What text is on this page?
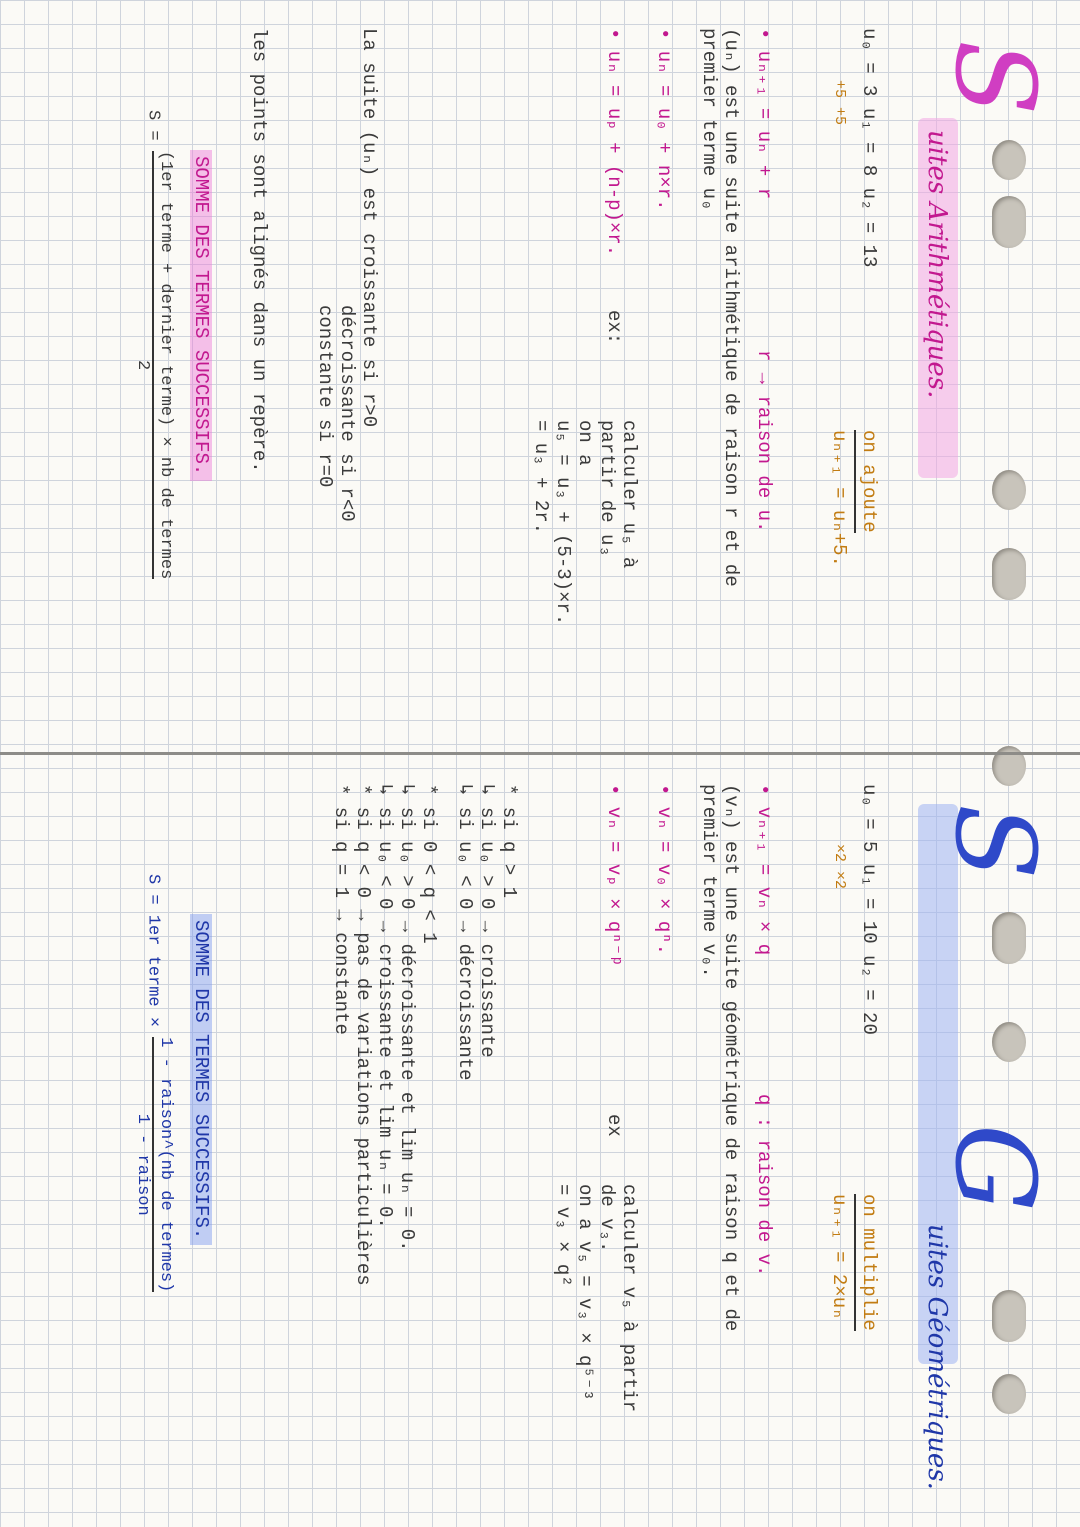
S
uites Arithmétiques.
u₀ = 3 u₁ = 8 u₂ = 13
+5 +5
on ajoute
uₙ₊₁ = uₙ+5.
• uₙ₊₁ = uₙ + r
r → raison de u.
(uₙ) est une suite arithmétique de raison r et de
premier terme u₀
• uₙ = u₀ + n×r.
• uₙ = uₚ + (n-p)×r.
ex:
calculer u₅ à
partir de u₃
on a
u₅ = u₃ + (5-3)×r.
= u₃ + 2r.
La suite (uₙ) est croissante si r>0
décroissante si r<0
constante si r=0
les points sont alignés dans un repère.
SOMME DES TERMES SUCCESSIFS.
S =
(1er terme + dernier terme) × nb de termes
2
S
G
uites Géométriques.
u₀ = 5 u₁ = 10 u₂ = 20
×2 ×2
on multiplie
uₙ₊₁ = 2×uₙ
• vₙ₊₁ = vₙ × q
q : raison de v.
(vₙ) est une suite géométrique de raison q et de
premier terme v₀.
• vₙ = v₀ × qⁿ.
• vₙ = vₚ × qⁿ⁻ᵖ
ex
calculer v₅ à partir
de v₃.
on a v₅ = v₃ × q⁵⁻³
= v₃ × q²
* si q > 1
↳ si u₀ > 0 → croissante
↳ si u₀ < 0 → décroissante
* si 0 < q < 1
↳ si u₀ > 0 → décroissante et lim uₙ = 0.
↳ si u₀ < 0 → croissante et lim uₙ = 0.
* si q < 0 → pas de variations particulières
* si q = 1 → constante
SOMME DES TERMES SUCCESSIFS.
S = 1er terme ×
1 - raison^(nb de termes)
1 - raison
